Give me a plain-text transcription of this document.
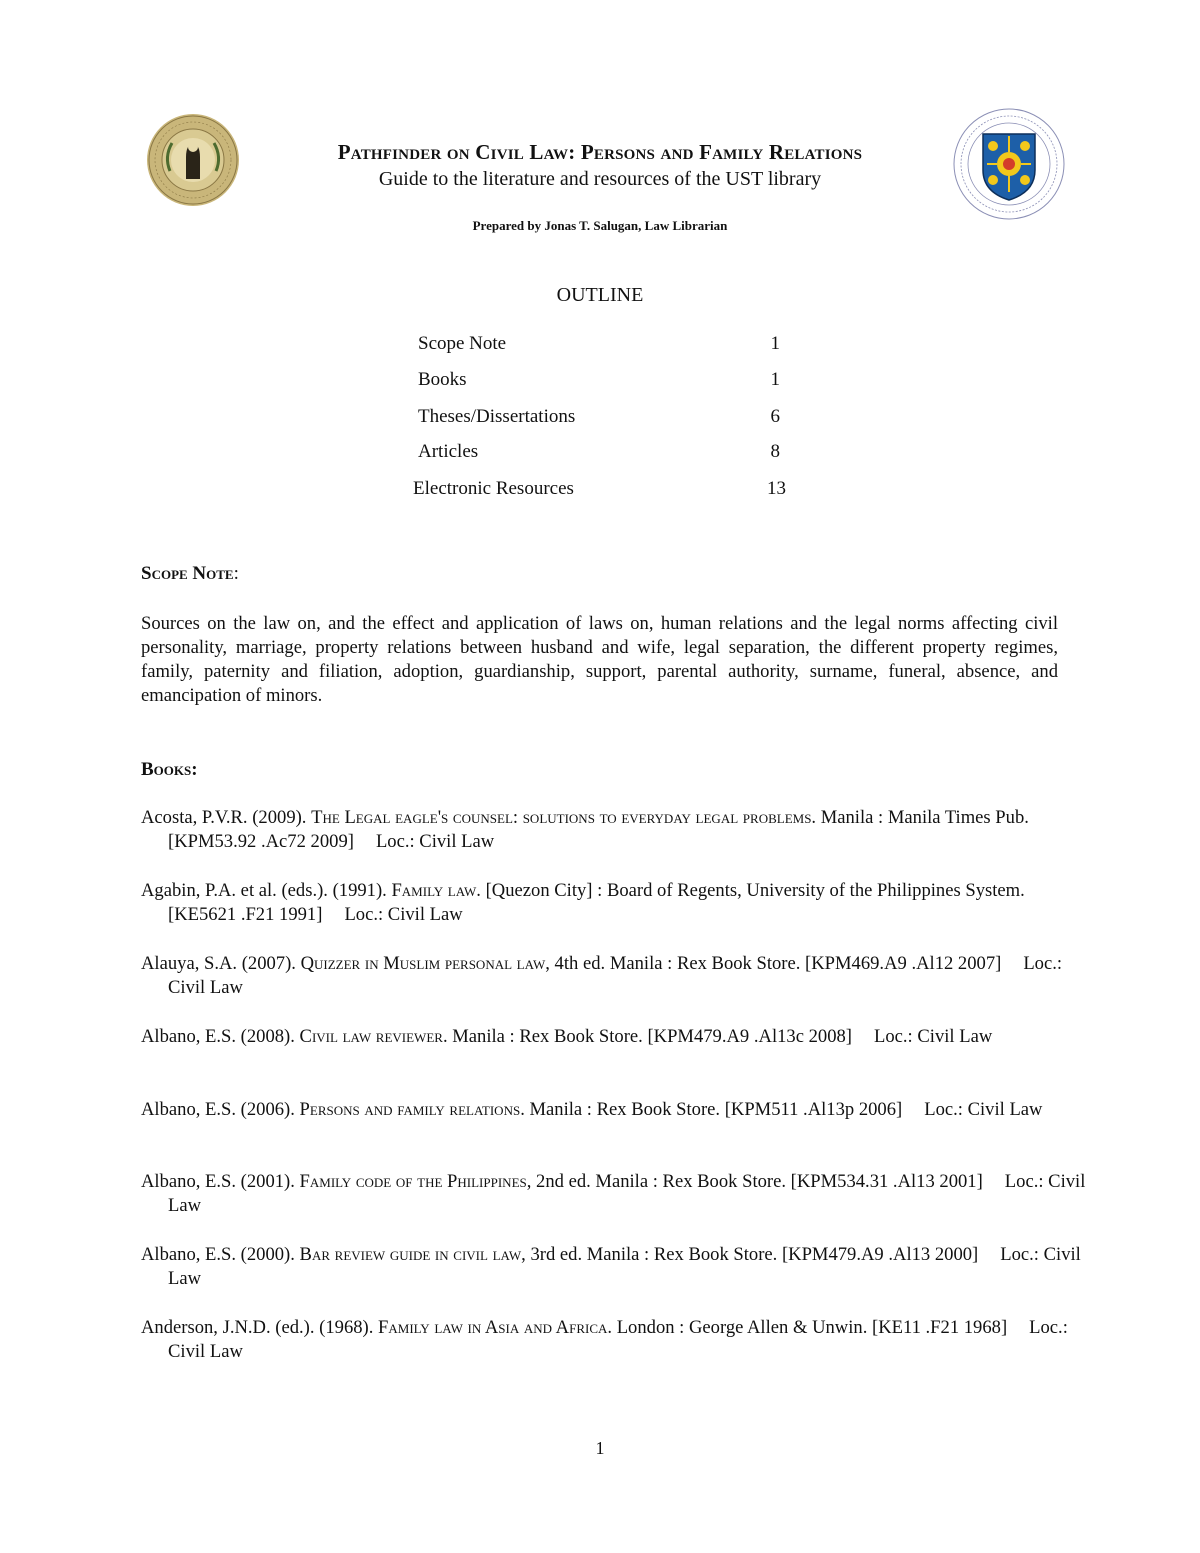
Pathfinder on Civil Law: Persons and Family Relations
Guide to the literature and resources of the UST library
Prepared by Jonas T. Salugan, Law Librarian
OUTLINE
Scope Note	1
Books	1
Theses/Dissertations	6
Articles	8
Electronic Resources	13
Scope Note:
Sources on the law on, and the effect and application of laws on, human relations and the legal norms affecting civil personality, marriage, property relations between husband and wife, legal separation, the different property regimes, family, paternity and filiation, adoption, guardianship, support, parental authority, surname, funeral, absence, and emancipation of minors.
Books:
Acosta, P.V.R. (2009). The Legal eagle's counsel: solutions to everyday legal problems. Manila : Manila Times Pub. [KPM53.92 .Ac72 2009] Loc.: Civil Law
Agabin, P.A. et al. (eds.). (1991). Family law. [Quezon City] : Board of Regents, University of the Philippines System. [KE5621 .F21 1991] Loc.: Civil Law
Alauya, S.A. (2007). Quizzer in Muslim personal law, 4th ed. Manila : Rex Book Store. [KPM469.A9 .Al12 2007] Loc.: Civil Law
Albano, E.S. (2008). Civil law reviewer. Manila : Rex Book Store. [KPM479.A9 .Al13c 2008] Loc.: Civil Law
Albano, E.S. (2006). Persons and family relations. Manila : Rex Book Store. [KPM511 .Al13p 2006] Loc.: Civil Law
Albano, E.S. (2001). Family code of the Philippines, 2nd ed. Manila : Rex Book Store. [KPM534.31 .Al13 2001] Loc.: Civil Law
Albano, E.S. (2000). Bar review guide in civil law, 3rd ed. Manila : Rex Book Store. [KPM479.A9 .Al13 2000] Loc.: Civil Law
Anderson, J.N.D. (ed.). (1968). Family law in Asia and Africa. London : George Allen & Unwin. [KE11 .F21 1968] Loc.: Civil Law
1
